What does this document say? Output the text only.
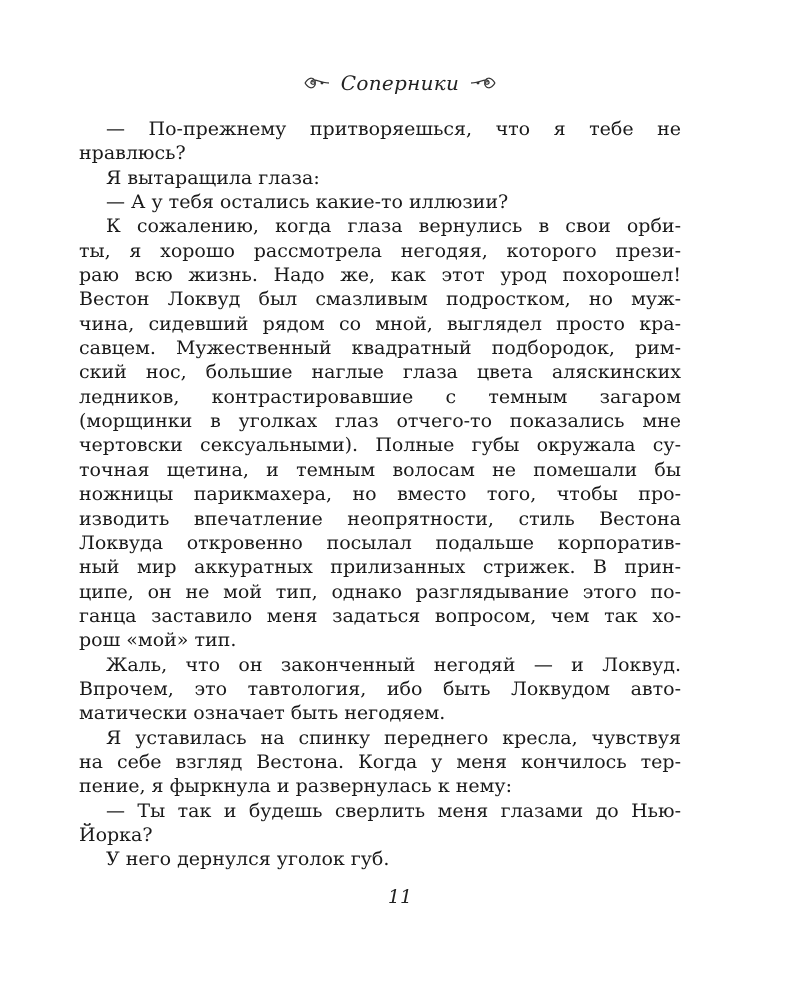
Соперники
— По-прежнему притворяешься, что я тебе не
нравлюсь?
Я вытаращила глаза:
— А у тебя остались какие-то иллюзии?
К сожалению, когда глаза вернулись в свои орби-
ты, я хорошо рассмотрела негодяя, которого прези-
раю всю жизнь. Надо же, как этот урод похорошел!
Вестон Локвуд был смазливым подростком, но муж-
чина, сидевший рядом со мной, выглядел просто кра-
савцем. Мужественный квадратный подбородок, рим-
ский нос, большие наглые глаза цвета аляскинских
ледников, контрастировавшие с темным загаром
(морщинки в уголках глаз отчего-то показались мне
чертовски сексуальными). Полные губы окружала су-
точная щетина, и темным волосам не помешали бы
ножницы парикмахера, но вместо того, чтобы про-
изводить впечатление неопрятности, стиль Вестона
Локвуда откровенно посылал подальше корпоратив-
ный мир аккуратных прилизанных стрижек. В прин-
ципе, он не мой тип, однако разглядывание этого по-
ганца заставило меня задаться вопросом, чем так хо-
рош «мой» тип.
Жаль, что он законченный негодяй — и Локвуд.
Впрочем, это тавтология, ибо быть Локвудом авто-
матически означает быть негодяем.
Я уставилась на спинку переднего кресла, чувствуя
на себе взгляд Вестона. Когда у меня кончилось тер-
пение, я фыркнула и развернулась к нему:
— Ты так и будешь сверлить меня глазами до Нью-
Йорка?
У него дернулся уголок губ.
11
